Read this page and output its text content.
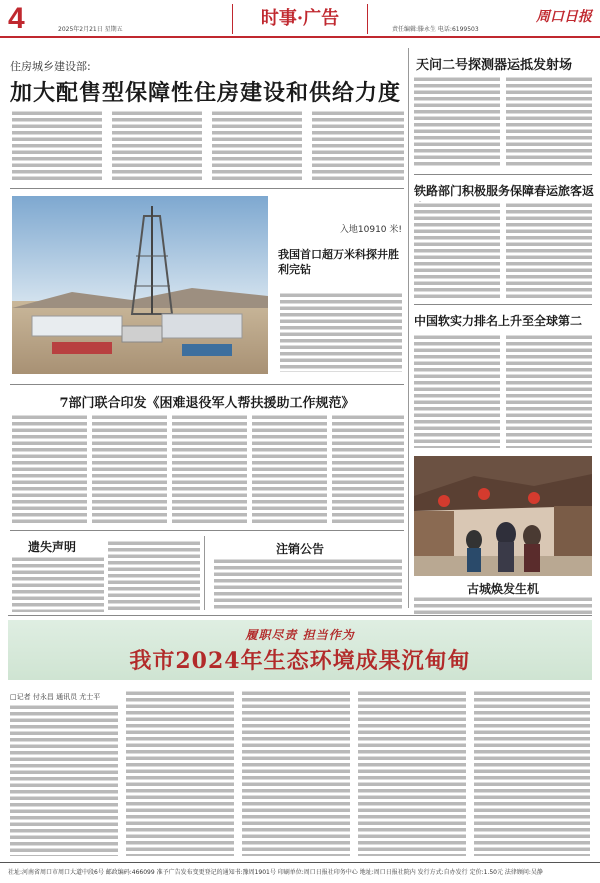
4	2025年2月21日 星期五
时事·广告
责任编辑:滕永生 电话:6199503
周口日报
住房城乡建设部:
加大配售型保障性住房建设和供给力度
入地10910 米!
我国首口超万米科探井胜利完钻
7部门联合印发《困难退役军人帮扶援助工作规范》
遗失声明	注销公告
天问二号探测器运抵发射场
铁路部门积极服务保障春运旅客返
中国软实力排名上升至全球第二
古城焕发生机
履职尽责 担当作为
我市2024年生态环境成果沉甸甸
□记者 付永昌 通讯员 尤士平
社址:河南省周口市周口大道中段6号 邮政编码:466099 准予广告发布变更登记的通知书:豫周1901号 印刷单位:周口日报社印务中心 地址:周口日报社院内 发行方式:自办发行 定价:1.50元 法律顾问:吴静
